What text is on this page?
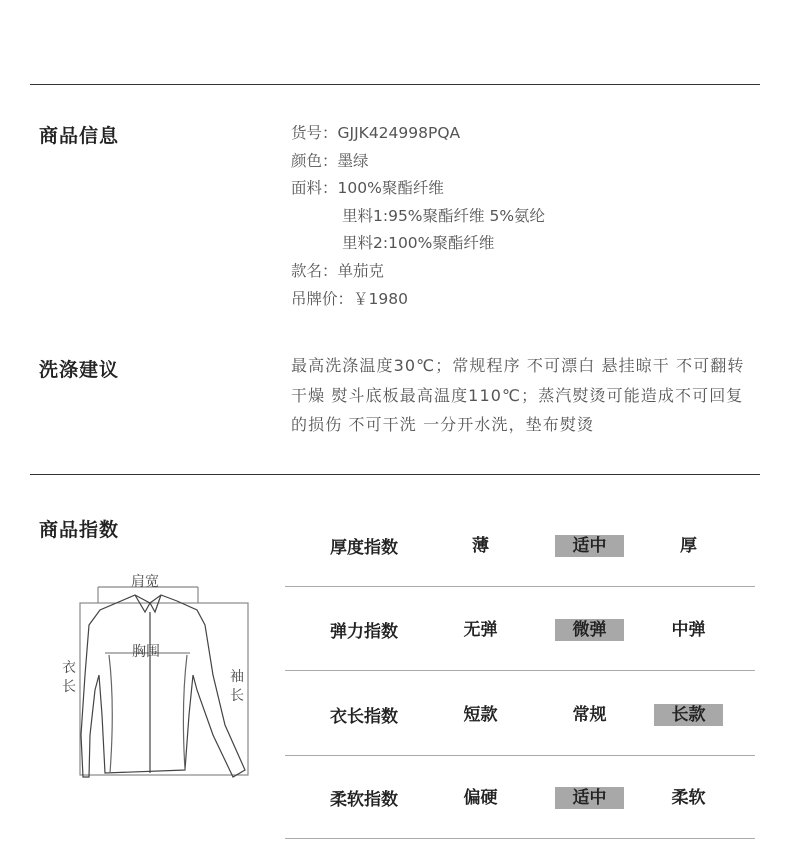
商品信息	货号：GJJK424998PQA
颜色：墨绿
面料：100%聚酯纤维
里料1:95%聚酯纤维 5%氨纶
里料2:100%聚酯纤维
款名：单茄克
吊牌价：￥1980
洗涤建议	最高洗涤温度30℃；常规程序 不可漂白 悬挂晾干 不可翻转干燥 熨斗底板最高温度110℃；蒸汽熨烫可能造成不可回复的损伤 不可干洗 一分开水洗，垫布熨烫
商品指数
肩宽
胸围
衣长
袖长
厚度指数	薄	适中	厚
弹力指数	无弹	微弹	中弹
衣长指数	短款	常规	长款
柔软指数	偏硬	适中	柔软
